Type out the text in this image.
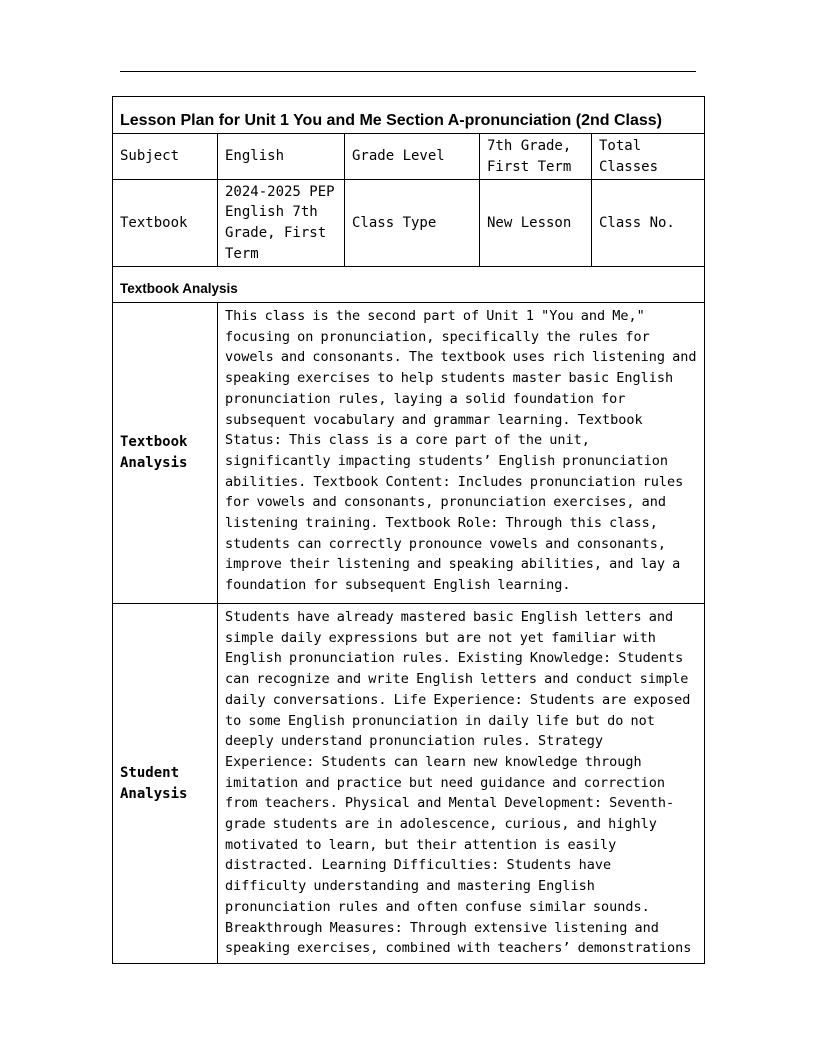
Lesson Plan for Unit 1 You and Me Section A-pronunciation (2nd Class)				
Subject	English	Grade Level	7th Grade, First Term	Total Classes
Textbook	2024-2025 PEP English 7th Grade, First Term	Class Type	New Lesson	Class No.
Textbook Analysis				
Textbook Analysis	This class is the second part of Unit 1 "You and Me," focusing on pronunciation, specifically the rules for vowels and consonants. The textbook uses rich listening and speaking exercises to help students master basic English pronunciation rules, laying a solid foundation for subsequent vocabulary and grammar learning. Textbook Status: This class is a core part of the unit, significantly impacting students’ English pronunciation abilities. Textbook Content: Includes pronunciation rules for vowels and consonants, pronunciation exercises, and listening training. Textbook Role: Through this class, students can correctly pronounce vowels and consonants, improve their listening and speaking abilities, and lay a foundation for subsequent English learning.			
Student Analysis	Students have already mastered basic English letters and simple daily expressions but are not yet familiar with English pronunciation rules. Existing Knowledge: Students can recognize and write English letters and conduct simple daily conversations. Life Experience: Students are exposed to some English pronunciation in daily life but do not deeply understand pronunciation rules. Strategy Experience: Students can learn new knowledge through imitation and practice but need guidance and correction from teachers. Physical and Mental Development: Seventh-grade students are in adolescence, curious, and highly motivated to learn, but their attention is easily distracted. Learning Difficulties: Students have difficulty understanding and mastering English pronunciation rules and often confuse similar sounds. Breakthrough Measures: Through extensive listening and speaking exercises, combined with teachers’ demonstrations			
